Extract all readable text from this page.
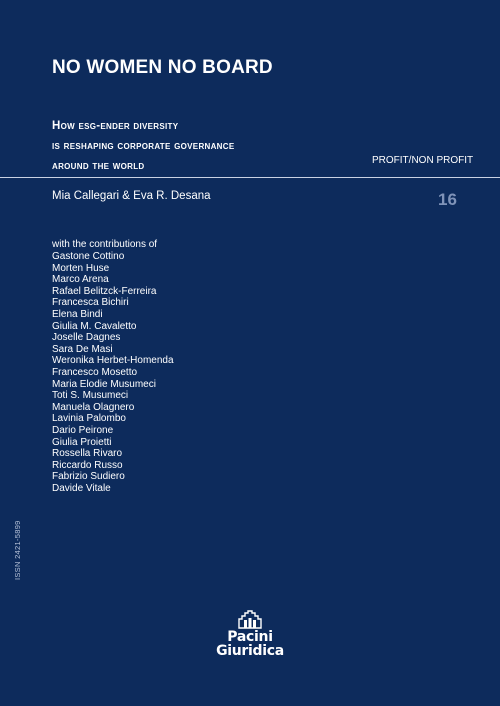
NO WOMEN NO BOARD
How esg-ender diversity
is reshaping corporate governance
around the world	PROFIT/NON PROFIT
Mia Callegari & Eva R. Desana	16
with the contributions of
Gastone Cottino
Morten Huse
Marco Arena
Rafael Belitzck-Ferreira
Francesca Bichiri
Elena Bindi
Giulia M. Cavaletto
Joselle Dagnes
Sara De Masi
Weronika Herbet-Homenda
Francesco Mosetto
Maria Elodie Musumeci
Toti S. Musumeci
Manuela Olagnero
Lavinia Palombo
Dario Peirone
Giulia Proietti
Rossella Rivaro
Riccardo Russo
Fabrizio Sudiero
Davide Vitale
ISSN 2421-5899
Pacini
Giuridica
